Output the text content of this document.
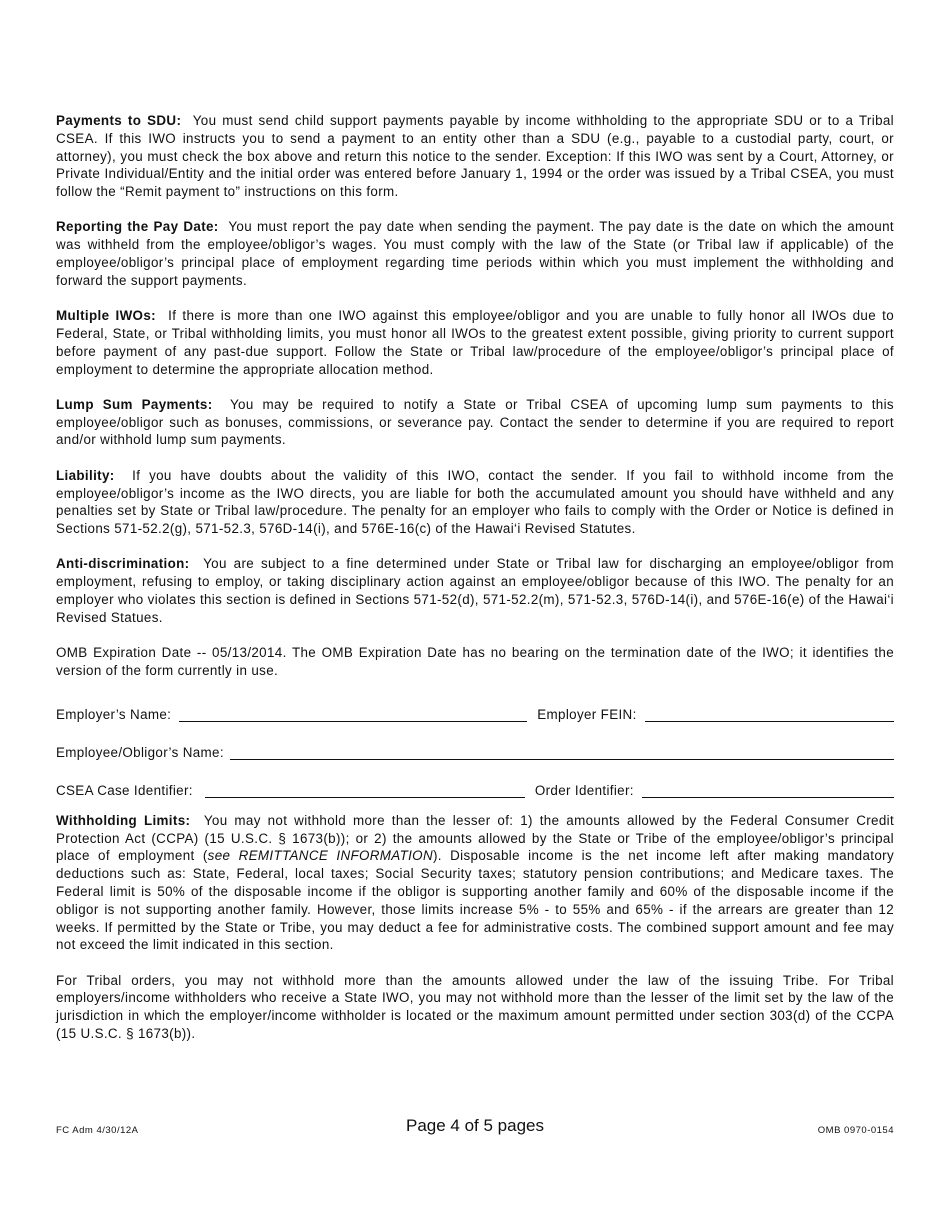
Payments to SDU: You must send child support payments payable by income withholding to the appropriate SDU or to a Tribal CSEA. If this IWO instructs you to send a payment to an entity other than a SDU (e.g., payable to a custodial party, court, or attorney), you must check the box above and return this notice to the sender. Exception: If this IWO was sent by a Court, Attorney, or Private Individual/Entity and the initial order was entered before January 1, 1994 or the order was issued by a Tribal CSEA, you must follow the “Remit payment to” instructions on this form.

Reporting the Pay Date: You must report the pay date when sending the payment. The pay date is the date on which the amount was withheld from the employee/obligor’s wages. You must comply with the law of the State (or Tribal law if applicable) of the employee/obligor’s principal place of employment regarding time periods within which you must implement the withholding and forward the support payments.

Multiple IWOs: If there is more than one IWO against this employee/obligor and you are unable to fully honor all IWOs due to Federal, State, or Tribal withholding limits, you must honor all IWOs to the greatest extent possible, giving priority to current support before payment of any past-due support. Follow the State or Tribal law/procedure of the employee/obligor’s principal place of employment to determine the appropriate allocation method.

Lump Sum Payments: You may be required to notify a State or Tribal CSEA of upcoming lump sum payments to this employee/obligor such as bonuses, commissions, or severance pay. Contact the sender to determine if you are required to report and/or withhold lump sum payments.

Liability: If you have doubts about the validity of this IWO, contact the sender. If you fail to withhold income from the employee/obligor’s income as the IWO directs, you are liable for both the accumulated amount you should have withheld and any penalties set by State or Tribal law/procedure. The penalty for an employer who fails to comply with the Order or Notice is defined in Sections 571-52.2(g), 571-52.3, 576D-14(i), and 576E-16(c) of the Hawai‘i Revised Statutes.

Anti-discrimination: You are subject to a fine determined under State or Tribal law for discharging an employee/obligor from employment, refusing to employ, or taking disciplinary action against an employee/obligor because of this IWO. The penalty for an employer who violates this section is defined in Sections 571-52(d), 571-52.2(m), 571-52.3, 576D-14(i), and 576E-16(e) of the Hawai‘i Revised Statues.

OMB Expiration Date -- 05/13/2014. The OMB Expiration Date has no bearing on the termination date of the IWO; it identifies the version of the form currently in use.

Employer’s Name:	Employer FEIN:
Employee/Obligor’s Name:
CSEA Case Identifier:	Order Identifier:

Withholding Limits: You may not withhold more than the lesser of: 1) the amounts allowed by the Federal Consumer Credit Protection Act (CCPA) (15 U.S.C. § 1673(b)); or 2) the amounts allowed by the State or Tribe of the employee/obligor’s principal place of employment (see REMITTANCE INFORMATION). Disposable income is the net income left after making mandatory deductions such as: State, Federal, local taxes; Social Security taxes; statutory pension contributions; and Medicare taxes. The Federal limit is 50% of the disposable income if the obligor is supporting another family and 60% of the disposable income if the obligor is not supporting another family. However, those limits increase 5% - to 55% and 65% - if the arrears are greater than 12 weeks. If permitted by the State or Tribe, you may deduct a fee for administrative costs. The combined support amount and fee may not exceed the limit indicated in this section.

For Tribal orders, you may not withhold more than the amounts allowed under the law of the issuing Tribe. For Tribal employers/income withholders who receive a State IWO, you may not withhold more than the lesser of the limit set by the law of the jurisdiction in which the employer/income withholder is located or the maximum amount permitted under section 303(d) of the CCPA (15 U.S.C. § 1673(b)).

FC Adm 4/30/12A	Page 4 of 5 pages	OMB 0970-0154
